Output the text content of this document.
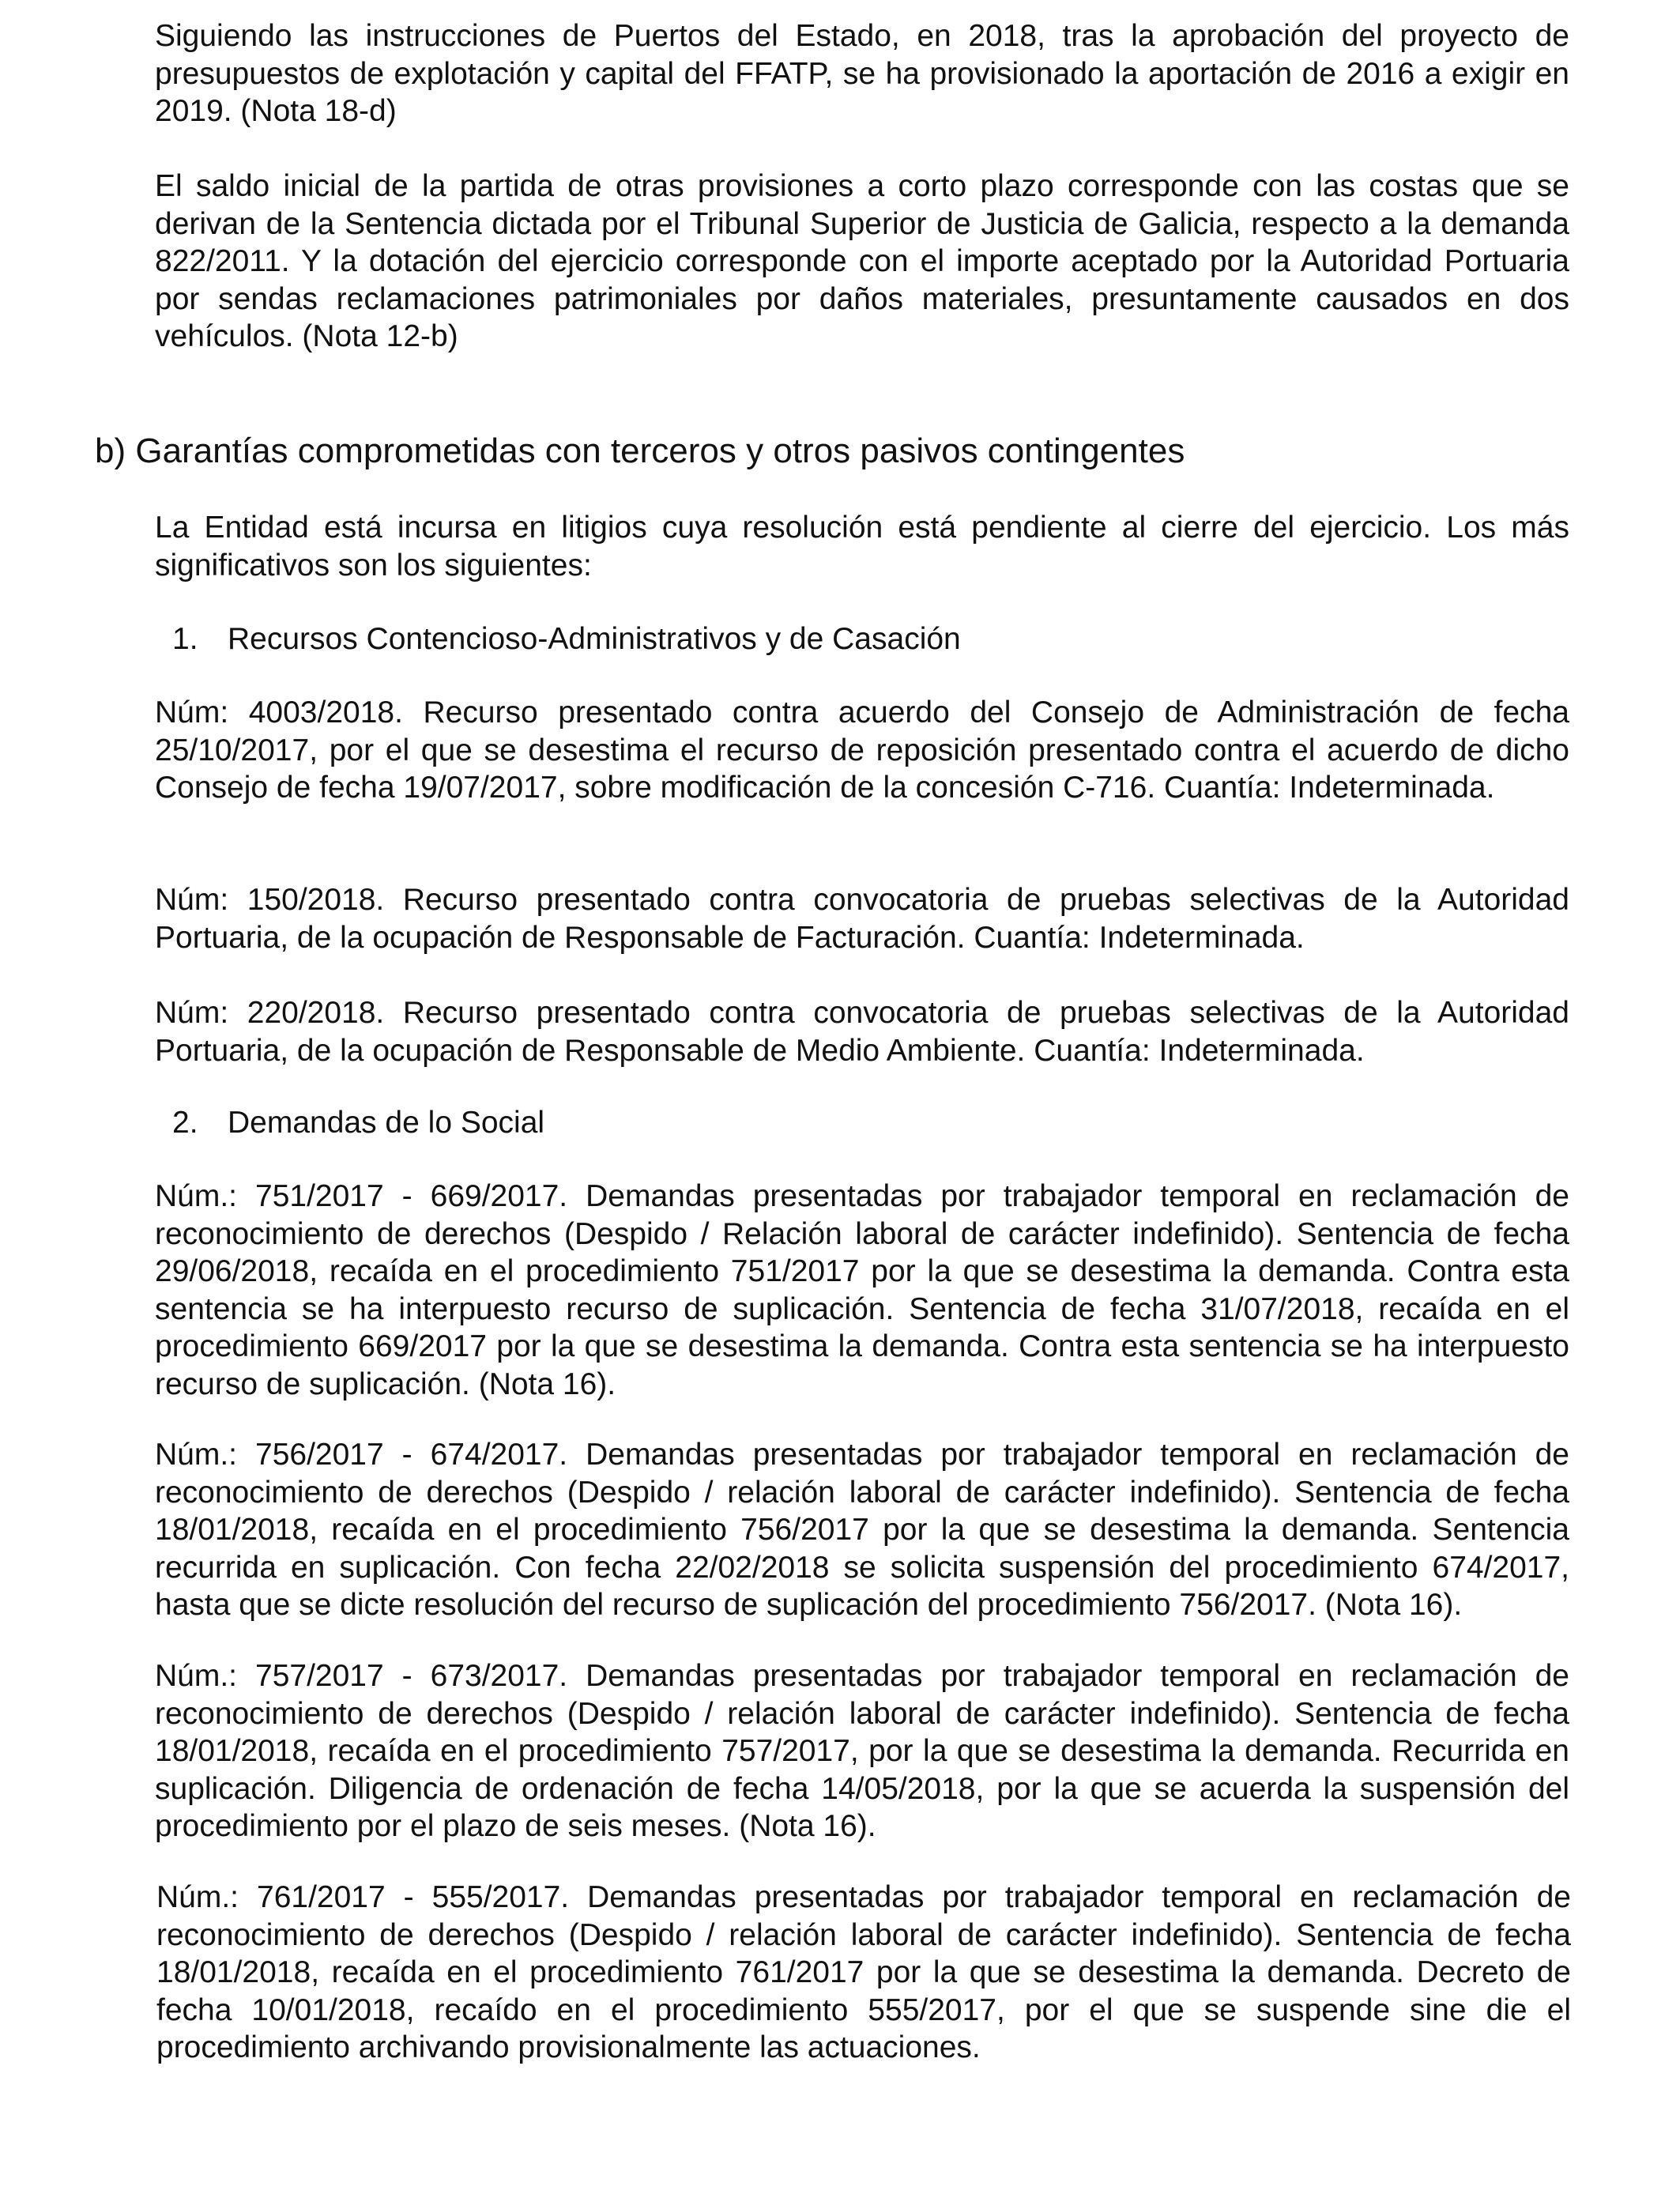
Siguiendo las instrucciones de Puertos del Estado, en 2018, tras la aprobación del proyecto de presupuestos de explotación y capital del FFATP, se ha provisionado la aportación de 2016 a exigir en 2019. (Nota 18-d)

El saldo inicial de la partida de otras provisiones a corto plazo corresponde con las costas que se derivan de la Sentencia dictada por el Tribunal Superior de Justicia de Galicia, respecto a la demanda 822/2011. Y la dotación del ejercicio corresponde con el importe aceptado por la Autoridad Portuaria por sendas reclamaciones patrimoniales por daños materiales, presuntamente causados en dos vehículos. (Nota 12-b)

b) Garantías comprometidas con terceros y otros pasivos contingentes

La Entidad está incursa en litigios cuya resolución está pendiente al cierre del ejercicio. Los más significativos son los siguientes:

1. Recursos Contencioso-Administrativos y de Casación

Núm: 4003/2018. Recurso presentado contra acuerdo del Consejo de Administración de fecha 25/10/2017, por el que se desestima el recurso de reposición presentado contra el acuerdo de dicho Consejo de fecha 19/07/2017, sobre modificación de la concesión C-716. Cuantía: Indeterminada.

Núm: 150/2018. Recurso presentado contra convocatoria de pruebas selectivas de la Autoridad Portuaria, de la ocupación de Responsable de Facturación. Cuantía: Indeterminada.

Núm: 220/2018. Recurso presentado contra convocatoria de pruebas selectivas de la Autoridad Portuaria, de la ocupación de Responsable de Medio Ambiente. Cuantía: Indeterminada.

2. Demandas de lo Social

Núm.: 751/2017 - 669/2017. Demandas presentadas por trabajador temporal en reclamación de reconocimiento de derechos (Despido / Relación laboral de carácter indefinido). Sentencia de fecha 29/06/2018, recaída en el procedimiento 751/2017 por la que se desestima la demanda. Contra esta sentencia se ha interpuesto recurso de suplicación. Sentencia de fecha 31/07/2018, recaída en el procedimiento 669/2017 por la que se desestima la demanda. Contra esta sentencia se ha interpuesto recurso de suplicación. (Nota 16).

Núm.: 756/2017 - 674/2017. Demandas presentadas por trabajador temporal en reclamación de reconocimiento de derechos (Despido / relación laboral de carácter indefinido). Sentencia de fecha 18/01/2018, recaída en el procedimiento 756/2017 por la que se desestima la demanda. Sentencia recurrida en suplicación. Con fecha 22/02/2018 se solicita suspensión del procedimiento 674/2017, hasta que se dicte resolución del recurso de suplicación del procedimiento 756/2017. (Nota 16).

Núm.: 757/2017 - 673/2017. Demandas presentadas por trabajador temporal en reclamación de reconocimiento de derechos (Despido / relación laboral de carácter indefinido). Sentencia de fecha 18/01/2018, recaída en el procedimiento 757/2017, por la que se desestima la demanda. Recurrida en suplicación. Diligencia de ordenación de fecha 14/05/2018, por la que se acuerda la suspensión del procedimiento por el plazo de seis meses. (Nota 16).

Núm.: 761/2017 - 555/2017. Demandas presentadas por trabajador temporal en reclamación de reconocimiento de derechos (Despido / relación laboral de carácter indefinido). Sentencia de fecha 18/01/2018, recaída en el procedimiento 761/2017 por la que se desestima la demanda. Decreto de fecha 10/01/2018, recaído en el procedimiento 555/2017, por el que se suspende sine die el procedimiento archivando provisionalmente las actuaciones.
